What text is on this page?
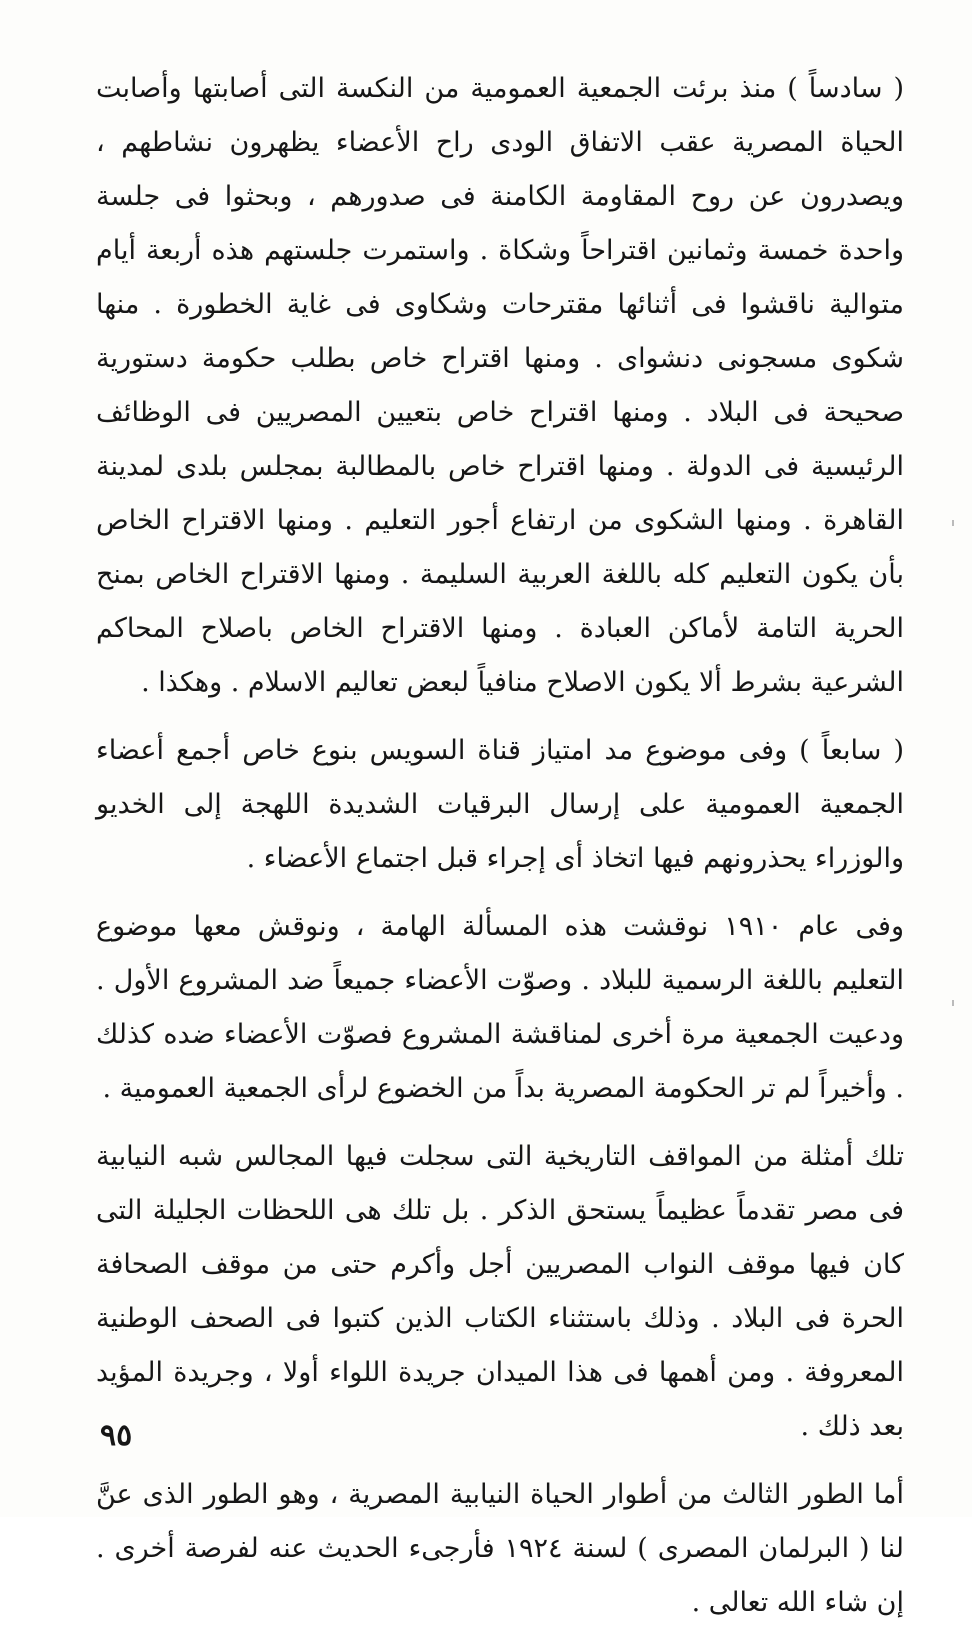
( سادساً ) منذ برئت الجمعية العمومية من النكسة التى أصابتها وأصابت الحياة المصرية عقب الاتفاق الودى راح الأعضاء يظهرون نشاطهم ، ويصدرون عن روح المقاومة الكامنة فى صدورهم ، وبحثوا فى جلسة واحدة خمسة وثمانين اقتراحاً وشكاة . واستمرت جلستهم هذه أربعة أيام متوالية ناقشوا فى أثنائها مقترحات وشكاوى فى غاية الخطورة . منها شكوى مسجونى دنشواى . ومنها اقتراح خاص بطلب حكومة دستورية صحيحة فى البلاد . ومنها اقتراح خاص بتعيين المصريين فى الوظائف الرئيسية فى الدولة . ومنها اقتراح خاص بالمطالبة بمجلس بلدى لمدينة القاهرة . ومنها الشكوى من ارتفاع أجور التعليم . ومنها الاقتراح الخاص بأن يكون التعليم كله باللغة العربية السليمة . ومنها الاقتراح الخاص بمنح الحرية التامة لأماكن العبادة . ومنها الاقتراح الخاص باصلاح المحاكم الشرعية بشرط ألا يكون الاصلاح منافياً لبعض تعاليم الاسلام . وهكذا .

( سابعاً ) وفى موضوع مد امتياز قناة السويس بنوع خاص أجمع أعضاء الجمعية العمومية على إرسال البرقيات الشديدة اللهجة إلى الخديو والوزراء يحذرونهم فيها اتخاذ أى إجراء قبل اجتماع الأعضاء .

وفى عام ١٩١٠ نوقشت هذه المسألة الهامة ، ونوقش معها موضوع التعليم باللغة الرسمية للبلاد . وصوّت الأعضاء جميعاً ضد المشروع الأول . ودعيت الجمعية مرة أخرى لمناقشة المشروع فصوّت الأعضاء ضده كذلك . وأخيراً لم تر الحكومة المصرية بداً من الخضوع لرأى الجمعية العمومية .

تلك أمثلة من المواقف التاريخية التى سجلت فيها المجالس شبه النيابية فى مصر تقدماً عظيماً يستحق الذكر . بل تلك هى اللحظات الجليلة التى كان فيها موقف النواب المصريين أجل وأكرم حتى من موقف الصحافة الحرة فى البلاد . وذلك باستثناء الكتاب الذين كتبوا فى الصحف الوطنية المعروفة . ومن أهمها فى هذا الميدان جريدة اللواء أولا ، وجريدة المؤيد بعد ذلك .

أما الطور الثالث من أطوار الحياة النيابية المصرية ، وهو الطور الذى عنَّ لنا ( البرلمان المصرى ) لسنة ١٩٢٤ فأرجىء الحديث عنه لفرصة أخرى . إن شاء الله تعالى .

٩٥
